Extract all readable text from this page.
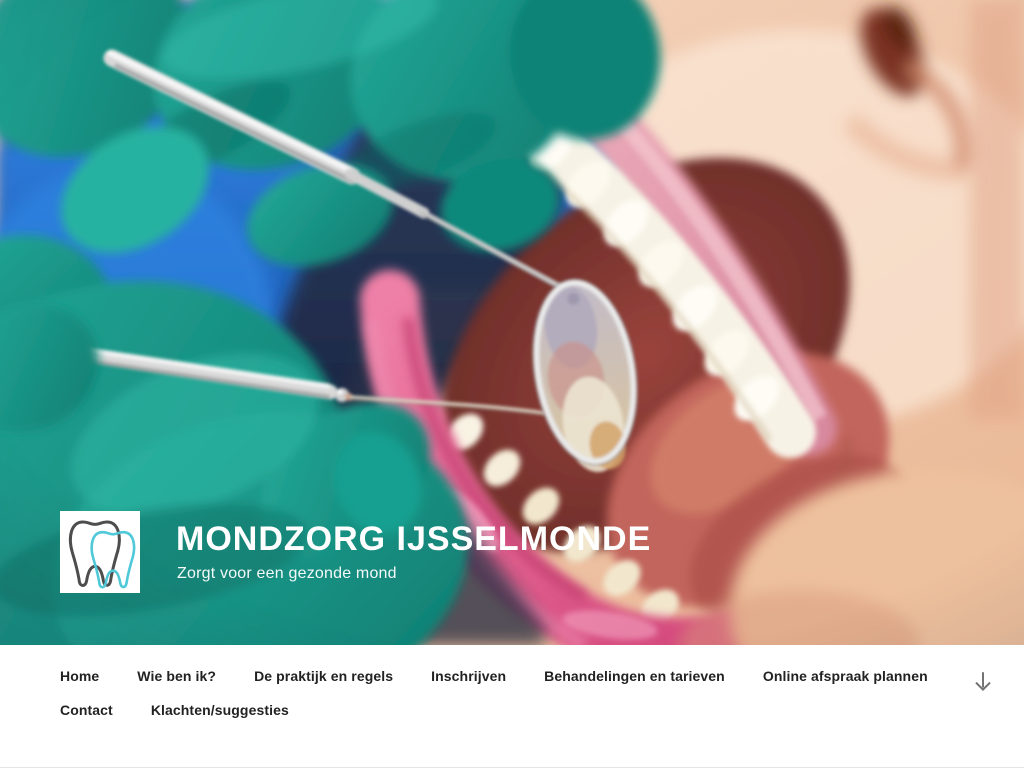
MONDZORG IJSSELMONDE

Zorgt voor een gezonde mond

Home	Wie ben ik?	De praktijk en regels	Inschrijven	Behandelingen en tarieven	Online afspraak plannen
Contact	Klachten/suggesties
